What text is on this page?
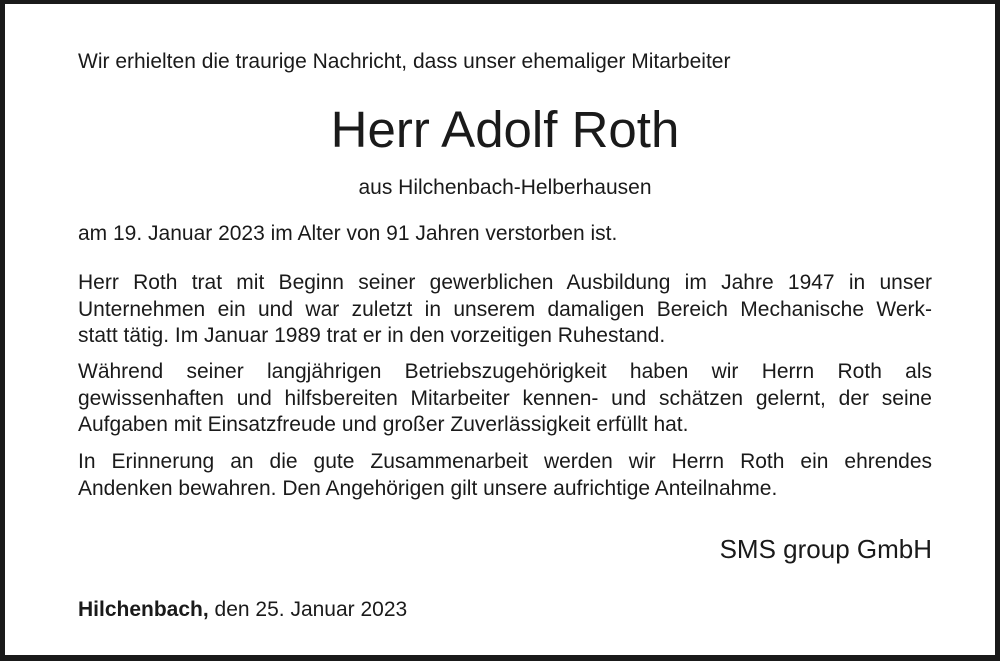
Wir erhielten die traurige Nachricht, dass unser ehemaliger Mitarbeiter
Herr Adolf Roth
aus Hilchenbach-Helberhausen
am 19. Januar 2023 im Alter von 91 Jahren verstorben ist.
Herr Roth trat mit Beginn seiner gewerblichen Ausbildung im Jahre 1947 in unser
Unternehmen ein und war zuletzt in unserem damaligen Bereich Mechanische Werk-
statt tätig. Im Januar 1989 trat er in den vorzeitigen Ruhestand.
Während seiner langjährigen Betriebszugehörigkeit haben wir Herrn Roth als
gewissenhaften und hilfsbereiten Mitarbeiter kennen- und schätzen gelernt, der seine
Aufgaben mit Einsatzfreude und großer Zuverlässigkeit erfüllt hat.
In Erinnerung an die gute Zusammenarbeit werden wir Herrn Roth ein ehrendes
Andenken bewahren. Den Angehörigen gilt unsere aufrichtige Anteilnahme.
SMS group GmbH
Hilchenbach, den 25. Januar 2023
